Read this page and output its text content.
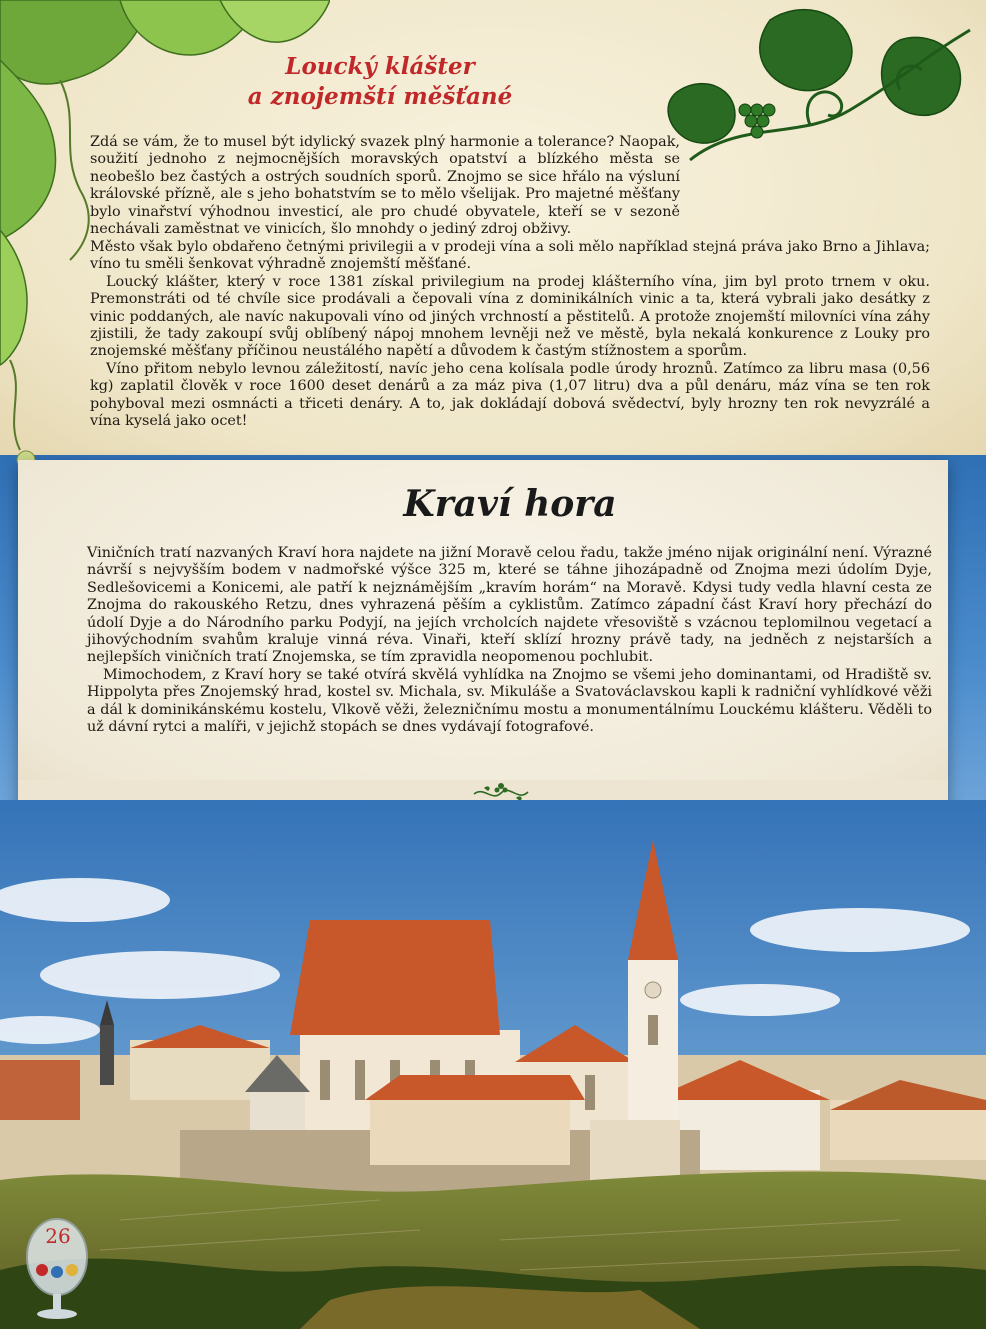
Loucký klášter
a znojemští měšťané

Zdá se vám, že to musel být idylický svazek plný harmonie a tolerance? Naopak, soužití jednoho z nejmocnějších moravských opatství a blízkého města se neobešlo bez častých a ostrých soudních sporů. Znojmo se sice hřálo na výsluní královské přízně, ale s jeho bohatstvím se to mělo všelijak. Pro majetné měšťany bylo vinařství výhodnou investicí, ale pro chudé obyvatele, kteří se v sezoně nechávali zaměstnat ve vinicích, šlo mnohdy o jediný zdroj obživy.

Město však bylo obdařeno četnými privilegii a v prodeji vína a soli mělo například stejná práva jako Brno a Jihlava; víno tu směli šenkovat výhradně znojemští měšťané.

Loucký klášter, který v roce 1381 získal privilegium na prodej klášterního vína, jim byl proto trnem v oku. Premonstráti od té chvíle sice prodávali a čepovali vína z dominikálních vinic a ta, která vybrali jako desátky z vinic poddaných, ale navíc nakupovali víno od jiných vrchností a pěstitelů. A protože znojemští milovníci vína záhy zjistili, že tady zakoupí svůj oblíbený nápoj mnohem levněji než ve městě, byla nekalá konkurence z Louky pro znojemské měšťany příčinou neustálého napětí a důvodem k častým stížnostem a sporům.

Víno přitom nebylo levnou záležitostí, navíc jeho cena kolísala podle úrody hroznů. Zatímco za libru masa (0,56 kg) zaplatil člověk v roce 1600 deset denárů a za máz piva (1,07 litru) dva a půl denáru, máz vína se ten rok pohyboval mezi osmnácti a třiceti denáry. A to, jak dokládají dobová svědectví, byly hrozny ten rok nevyzrálé a vína kyselá jako ocet!

Kraví hora

Viničních tratí nazvaných Kraví hora najdete na jižní Moravě celou řadu, takže jméno nijak originální není. Výrazné návrší s nejvyšším bodem v nadmořské výšce 325 m, které se táhne jihozápadně od Znojma mezi údolím Dyje, Sedlešovicemi a Konicemi, ale patří k nejznámějším „kravím horám“ na Moravě. Kdysi tudy vedla hlavní cesta ze Znojma do rakouského Retzu, dnes vyhrazená pěším a cyklistům. Zatímco západní část Kraví hory přechází do údolí Dyje a do Národního parku Podyjí, na jejích vrcholcích najdete vřesoviště s vzácnou teplomilnou vegetací a jihovýchodním svahům kraluje vinná réva. Vinaři, kteří sklízí hrozny právě tady, na jedněch z nejstarších a nejlepších viničních tratí Znojemska, se tím zpravidla neopomenou pochlubit.

Mimochodem, z Kraví hory se také otvírá skvělá vyhlídka na Znojmo se všemi jeho dominantami, od Hradiště sv. Hippolyta přes Znojemský hrad, kostel sv. Michala, sv. Mikuláše a Svatováclavskou kapli k radniční vyhlídkové věži a dál k dominikánskému kostelu, Vlkově věži, železničnímu mostu a monumentálnímu Louckému klášteru. Věděli to už dávní rytci a malíři, v jejichž stopách se dnes vydávají fotografové.

26
